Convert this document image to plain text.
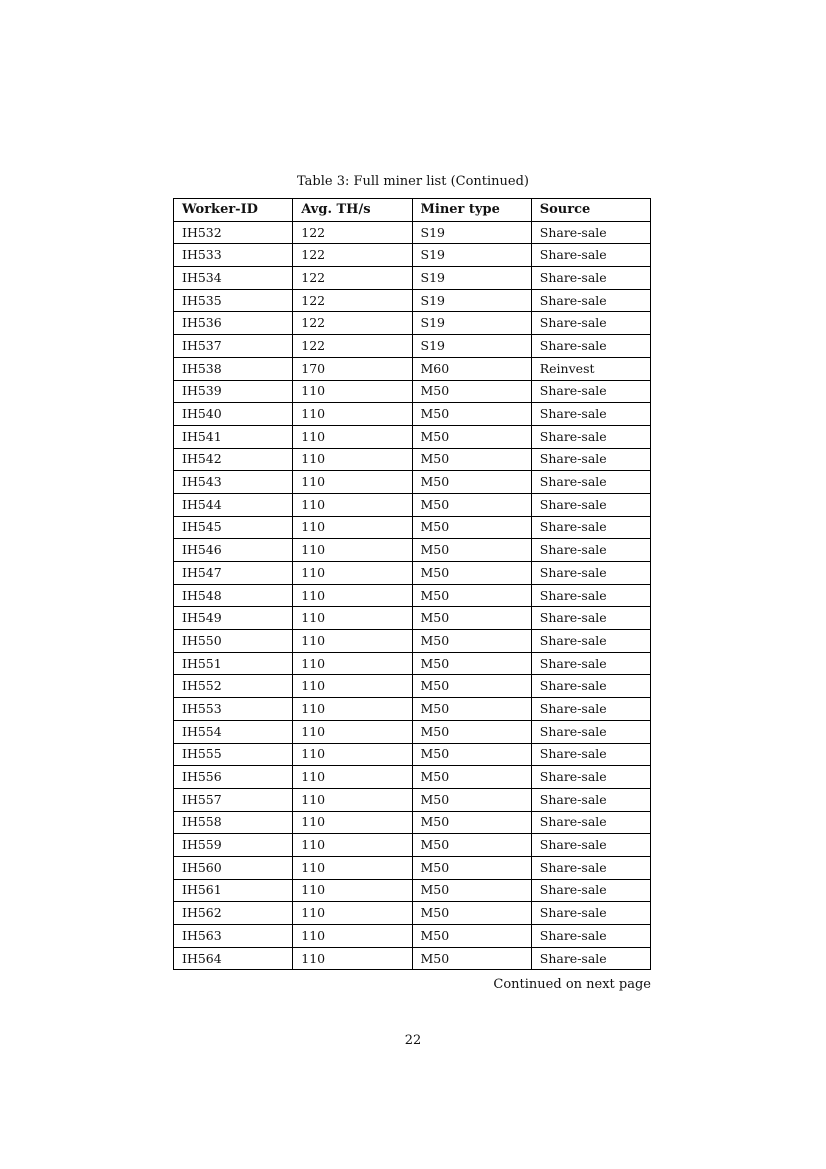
Table 3: Full miner list (Continued)
Worker-ID	Avg. TH/s	Miner type	Source
IH532	122	S19	Share-sale
IH533	122	S19	Share-sale
IH534	122	S19	Share-sale
IH535	122	S19	Share-sale
IH536	122	S19	Share-sale
IH537	122	S19	Share-sale
IH538	170	M60	Reinvest
IH539	110	M50	Share-sale
IH540	110	M50	Share-sale
IH541	110	M50	Share-sale
IH542	110	M50	Share-sale
IH543	110	M50	Share-sale
IH544	110	M50	Share-sale
IH545	110	M50	Share-sale
IH546	110	M50	Share-sale
IH547	110	M50	Share-sale
IH548	110	M50	Share-sale
IH549	110	M50	Share-sale
IH550	110	M50	Share-sale
IH551	110	M50	Share-sale
IH552	110	M50	Share-sale
IH553	110	M50	Share-sale
IH554	110	M50	Share-sale
IH555	110	M50	Share-sale
IH556	110	M50	Share-sale
IH557	110	M50	Share-sale
IH558	110	M50	Share-sale
IH559	110	M50	Share-sale
IH560	110	M50	Share-sale
IH561	110	M50	Share-sale
IH562	110	M50	Share-sale
IH563	110	M50	Share-sale
IH564	110	M50	Share-sale
Continued on next page
22
